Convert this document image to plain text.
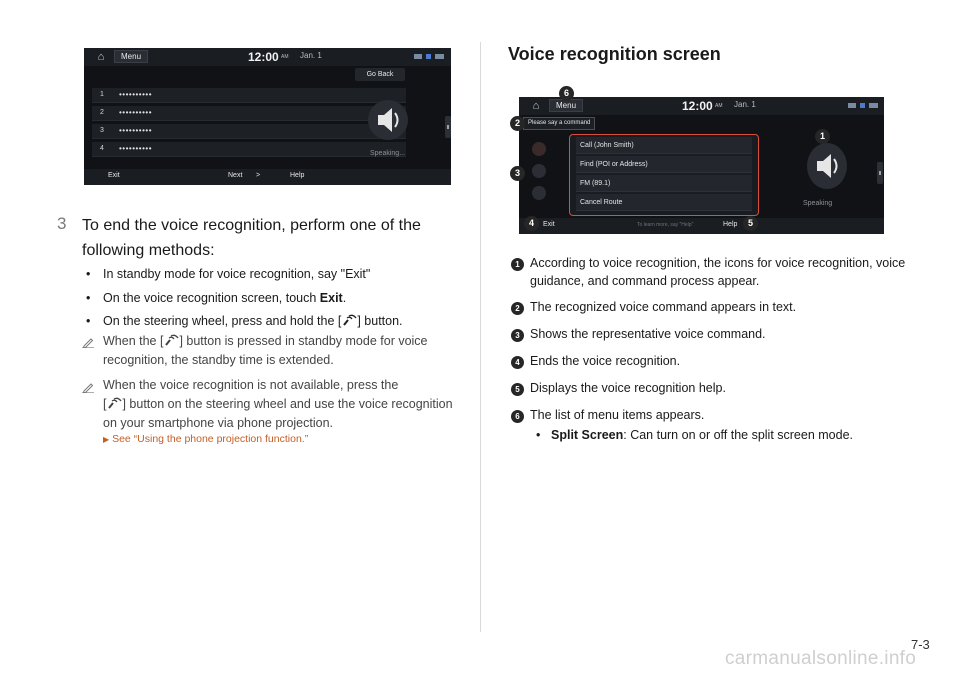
⌂	Menu	12:00 AM Jan. 1
Go Back
1 ••••••••••
2 ••••••••••
3 ••••••••••
4 ••••••••••
Speaking...
Exit	Next >	Help
3 To end the voice recognition, perform one of the following methods:
• In standby mode for voice recognition, say "Exit"
• On the voice recognition screen, touch Exit.
• On the steering wheel, press and hold the [ ] button.
When the [ ] button is pressed in standby mode for voice recognition, the standby time is extended.
When the voice recognition is not available, press the
[ ] button on the steering wheel and use the voice recognition on your smartphone via phone projection.
▶ See “Using the phone projection function.”
Voice recognition screen
⌂	Menu	12:00 AM Jan. 1
Please say a command
Call (John Smith)
Find (POI or Address)
FM (89.1)
Cancel Route	Speaking
Exit	To learn more, say "Help"	Help
1
2
3
4	5
6
1 According to voice recognition, the icons for voice recognition, voice guidance, and command process appear.
2 The recognized voice command appears in text.
3 Shows the representative voice command.
4 Ends the voice recognition.
5 Displays the voice recognition help.
6 The list of menu items appears.
• Split Screen: Can turn on or off the split screen mode.
7-3
carmanualsonline.info
